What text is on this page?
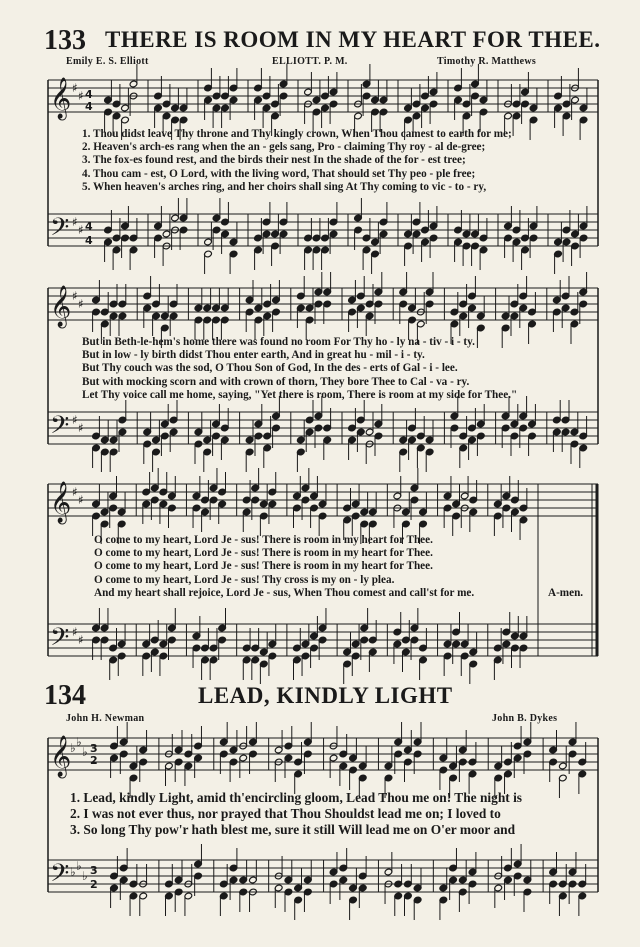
133 THERE IS ROOM IN MY HEART FOR THEE.
Emily E. S. Elliott	ELLIOTT. P. M.	Timothy R. Matthews
𝄞
𝄢
♯
♯ 4
4
♯
♯ 4
4
𝄞
𝄢
♯
♯
♯
♯
𝄞
𝄢
♯
♯
♯
♯
𝄞
𝄢
♭ ♭
♭ 3
2
♭ ♭
♭ 3
2
1. Thou didst leave Thy throne and Thy kingly crown, When Thou camest to earth for me;
2. Heaven's arch-es rang when the an - gels sang, Pro - claiming Thy roy - al de-gree;
3. The fox-es found rest, and the birds their nest In the shade of the for - est tree;
4. Thou cam - est, O Lord, with the living word, That should set Thy peo - ple free;
5. When heaven's arches ring, and her choirs shall sing At Thy coming to vic - to - ry,
But in Beth-le-hem's home there was found no room For Thy ho - ly na - tiv - i - ty.
But in low - ly birth didst Thou enter earth, And in great hu - mil - i - ty.
But Thy couch was the sod, O Thou Son of God, In the des - erts of Gal - i - lee.
But with mocking scorn and with crown of thorn, They bore Thee to Cal - va - ry.
Let Thy voice call me home, saying, "Yet there is room, There is room at my side for Thee."
O come to my heart, Lord Je - sus! There is room in my heart for Thee.
O come to my heart, Lord Je - sus! There is room in my heart for Thee.
O come to my heart, Lord Je - sus! There is room in my heart for Thee.
O come to my heart, Lord Je - sus! Thy cross is my on - ly plea.
And my heart shall rejoice, Lord Je - sus, When Thou comest and call'st for me.	A-men.
134	LEAD, KINDLY LIGHT
John H. Newman	John B. Dykes
1. Lead, kindly Light, amid th'encircling gloom, Lead Thou me on! The night is
2. I was not ever thus, nor prayed that Thou Shouldst lead me on; I loved to
3. So long Thy pow'r hath blest me, sure it still Will lead me on O'er moor and
